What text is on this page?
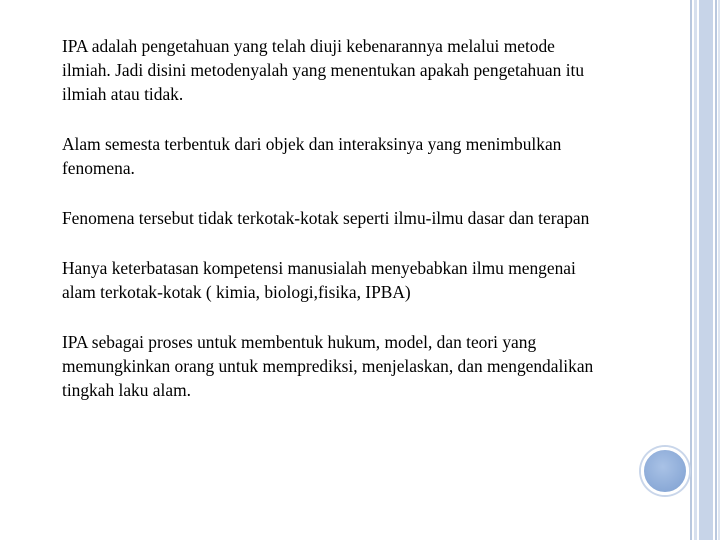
IPA adalah pengetahuan yang telah diuji kebenarannya melalui metode
ilmiah. Jadi disini metodenyalah yang menentukan apakah pengetahuan itu
ilmiah atau tidak.

Alam semesta terbentuk dari objek dan interaksinya yang menimbulkan
fenomena.

Fenomena tersebut tidak terkotak-kotak seperti ilmu-ilmu dasar dan terapan

Hanya keterbatasan kompetensi manusialah menyebabkan ilmu mengenai
alam terkotak-kotak ( kimia, biologi,fisika, IPBA)

IPA sebagai proses untuk membentuk hukum, model, dan teori yang
memungkinkan orang untuk memprediksi, menjelaskan, dan mengendalikan
tingkah laku alam.
